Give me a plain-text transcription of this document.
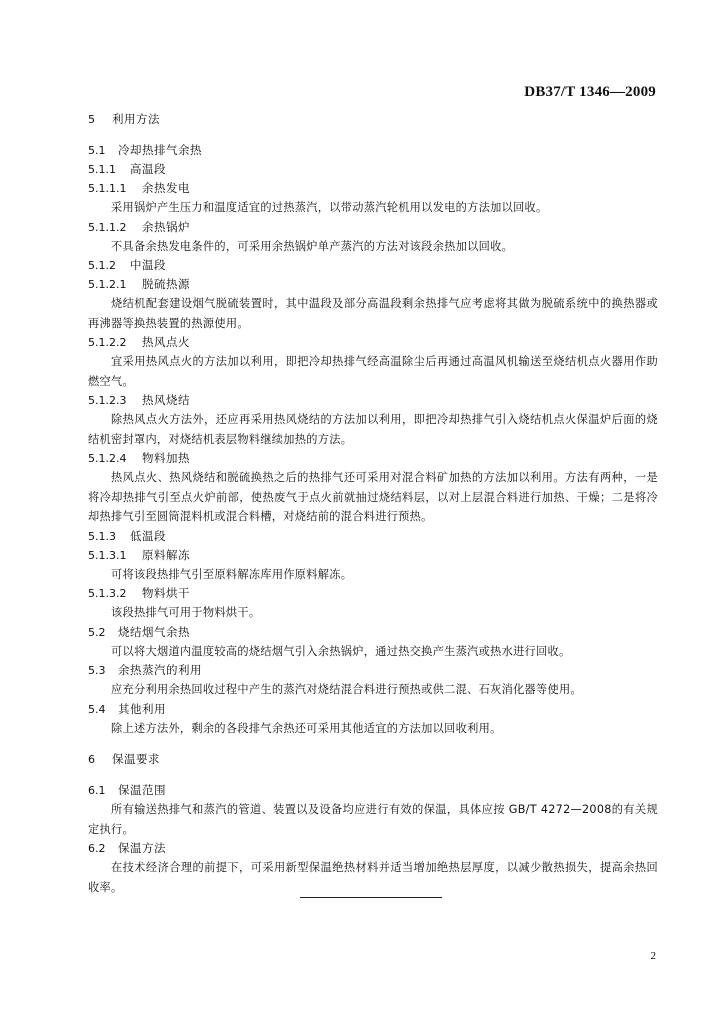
DB37/T 1346—2009
5 利用方法
5.1 冷却热排气余热
5.1.1 高温段
5.1.1.1 余热发电
采用锅炉产生压力和温度适宜的过热蒸汽，以带动蒸汽轮机用以发电的方法加以回收。
5.1.1.2 余热锅炉
不具备余热发电条件的，可采用余热锅炉单产蒸汽的方法对该段余热加以回收。
5.1.2 中温段
5.1.2.1 脱硫热源
烧结机配套建设烟气脱硫装置时，其中温段及部分高温段剩余热排气应考虑将其做为脱硫系统中的换热器或再沸器等换热装置的热源使用。
5.1.2.2 热风点火
宜采用热风点火的方法加以利用，即把冷却热排气经高温除尘后再通过高温风机输送至烧结机点火器用作助燃空气。
5.1.2.3 热风烧结
除热风点火方法外，还应再采用热风烧结的方法加以利用，即把冷却热排气引入烧结机点火保温炉后面的烧结机密封罩内，对烧结机表层物料继续加热的方法。
5.1.2.4 物料加热
热风点火、热风烧结和脱硫换热之后的热排气还可采用对混合料矿加热的方法加以利用。方法有两种，一是将冷却热排气引至点火炉前部，使热废气于点火前就抽过烧结料层，以对上层混合料进行加热、干燥；二是将冷却热排气引至圆筒混料机或混合料槽，对烧结前的混合料进行预热。
5.1.3 低温段
5.1.3.1 原料解冻
可将该段热排气引至原料解冻库用作原料解冻。
5.1.3.2 物料烘干
该段热排气可用于物料烘干。
5.2 烧结烟气余热
可以将大烟道内温度较高的烧结烟气引入余热锅炉，通过热交换产生蒸汽或热水进行回收。
5.3 余热蒸汽的利用
应充分利用余热回收过程中产生的蒸汽对烧结混合料进行预热或供二混、石灰消化器等使用。
5.4 其他利用
除上述方法外，剩余的各段排气余热还可采用其他适宜的方法加以回收利用。
6 保温要求
6.1 保温范围
所有输送热排气和蒸汽的管道、装置以及设备均应进行有效的保温，具体应按 GB/T 4272—2008的有关规定执行。
6.2 保温方法
在技术经济合理的前提下，可采用新型保温绝热材料并适当增加绝热层厚度，以减少散热损失，提高余热回收率。
2
